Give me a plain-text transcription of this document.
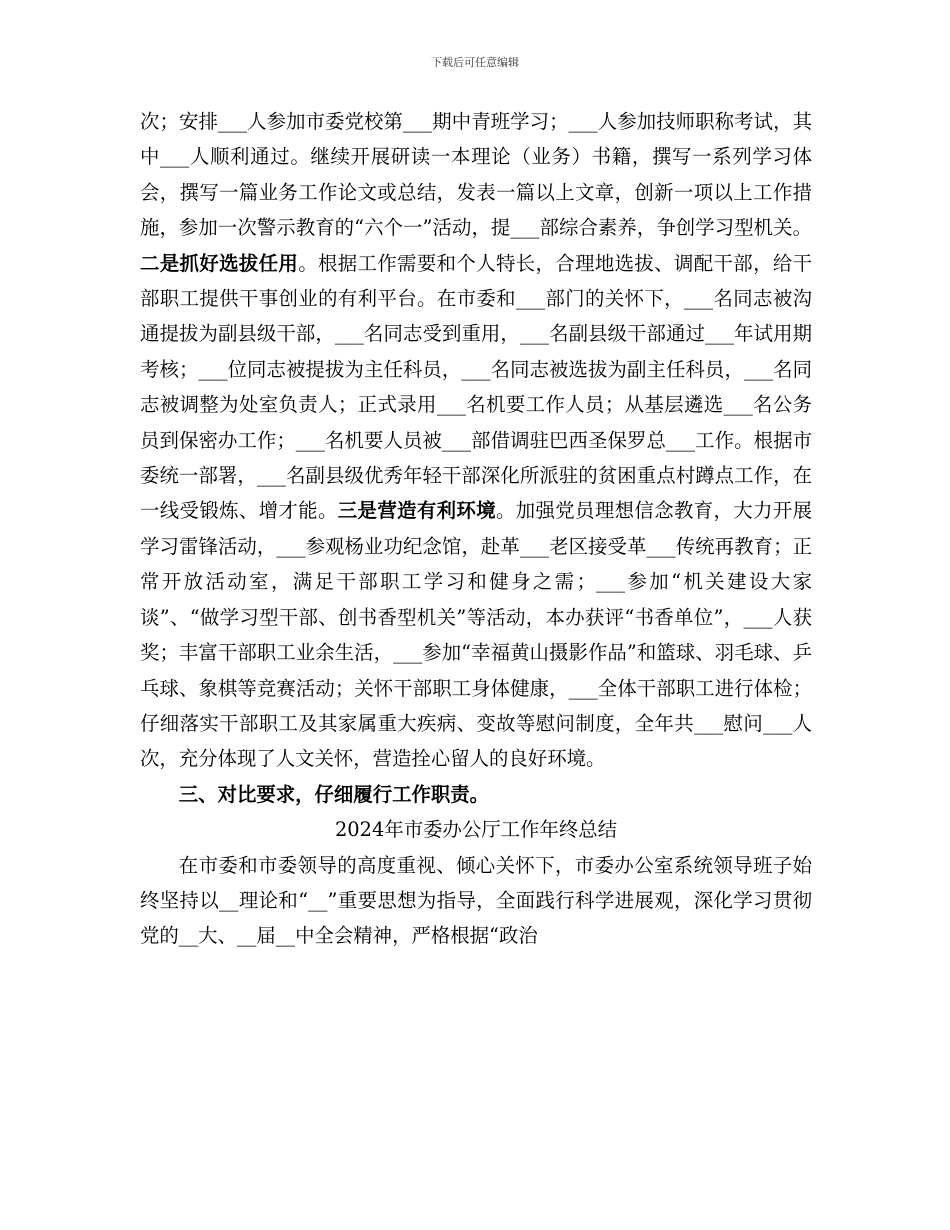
下载后可任意编辑

次；安排___人参加市委党校第___期中青班学习；___人参加技师职称考试，其中___人顺利通过。继续开展研读一本理论（业务）书籍，撰写一系列学习体会，撰写一篇业务工作论文或总结，发表一篇以上文章，创新一项以上工作措施，参加一次警示教育的“六个一”活动，提___部综合素养，争创学习型机关。二是抓好选拔任用。根据工作需要和个人特长，合理地选拔、调配干部，给干部职工提供干事创业的有利平台。在市委和___部门的关怀下，___名同志被沟通提拔为副县级干部，___名同志受到重用，___名副县级干部通过___年试用期考核；___位同志被提拔为主任科员，___名同志被选拔为副主任科员，___名同志被调整为处室负责人；正式录用___名机要工作人员；从基层遴选___名公务员到保密办工作；___名机要人员被___部借调驻巴西圣保罗总___工作。根据市委统一部署，___名副县级优秀年轻干部深化所派驻的贫困重点村蹲点工作，在一线受锻炼、增才能。三是营造有利环境。加强党员理想信念教育，大力开展学习雷锋活动，___参观杨业功纪念馆，赴革___老区接受革___传统再教育；正常开放活动室，满足干部职工学习和健身之需；___参加“机关建设大家谈”、“做学习型干部、创书香型机关”等活动，本办获评“书香单位”，___人获奖；丰富干部职工业余生活，___参加“幸福黄山摄影作品”和篮球、羽毛球、乒乓球、象棋等竞赛活动；关怀干部职工身体健康，___全体干部职工进行体检；仔细落实干部职工及其家属重大疾病、变故等慰问制度，全年共___慰问___人次，充分体现了人文关怀，营造拴心留人的良好环境。

三、对比要求，仔细履行工作职责。

2024年市委办公厅工作年终总结

在市委和市委领导的高度重视、倾心关怀下，市委办公室系统领导班子始终坚持以__理论和“__”重要思想为指导，全面践行科学进展观，深化学习贯彻党的__大、__届__中全会精神，严格根据“政治
